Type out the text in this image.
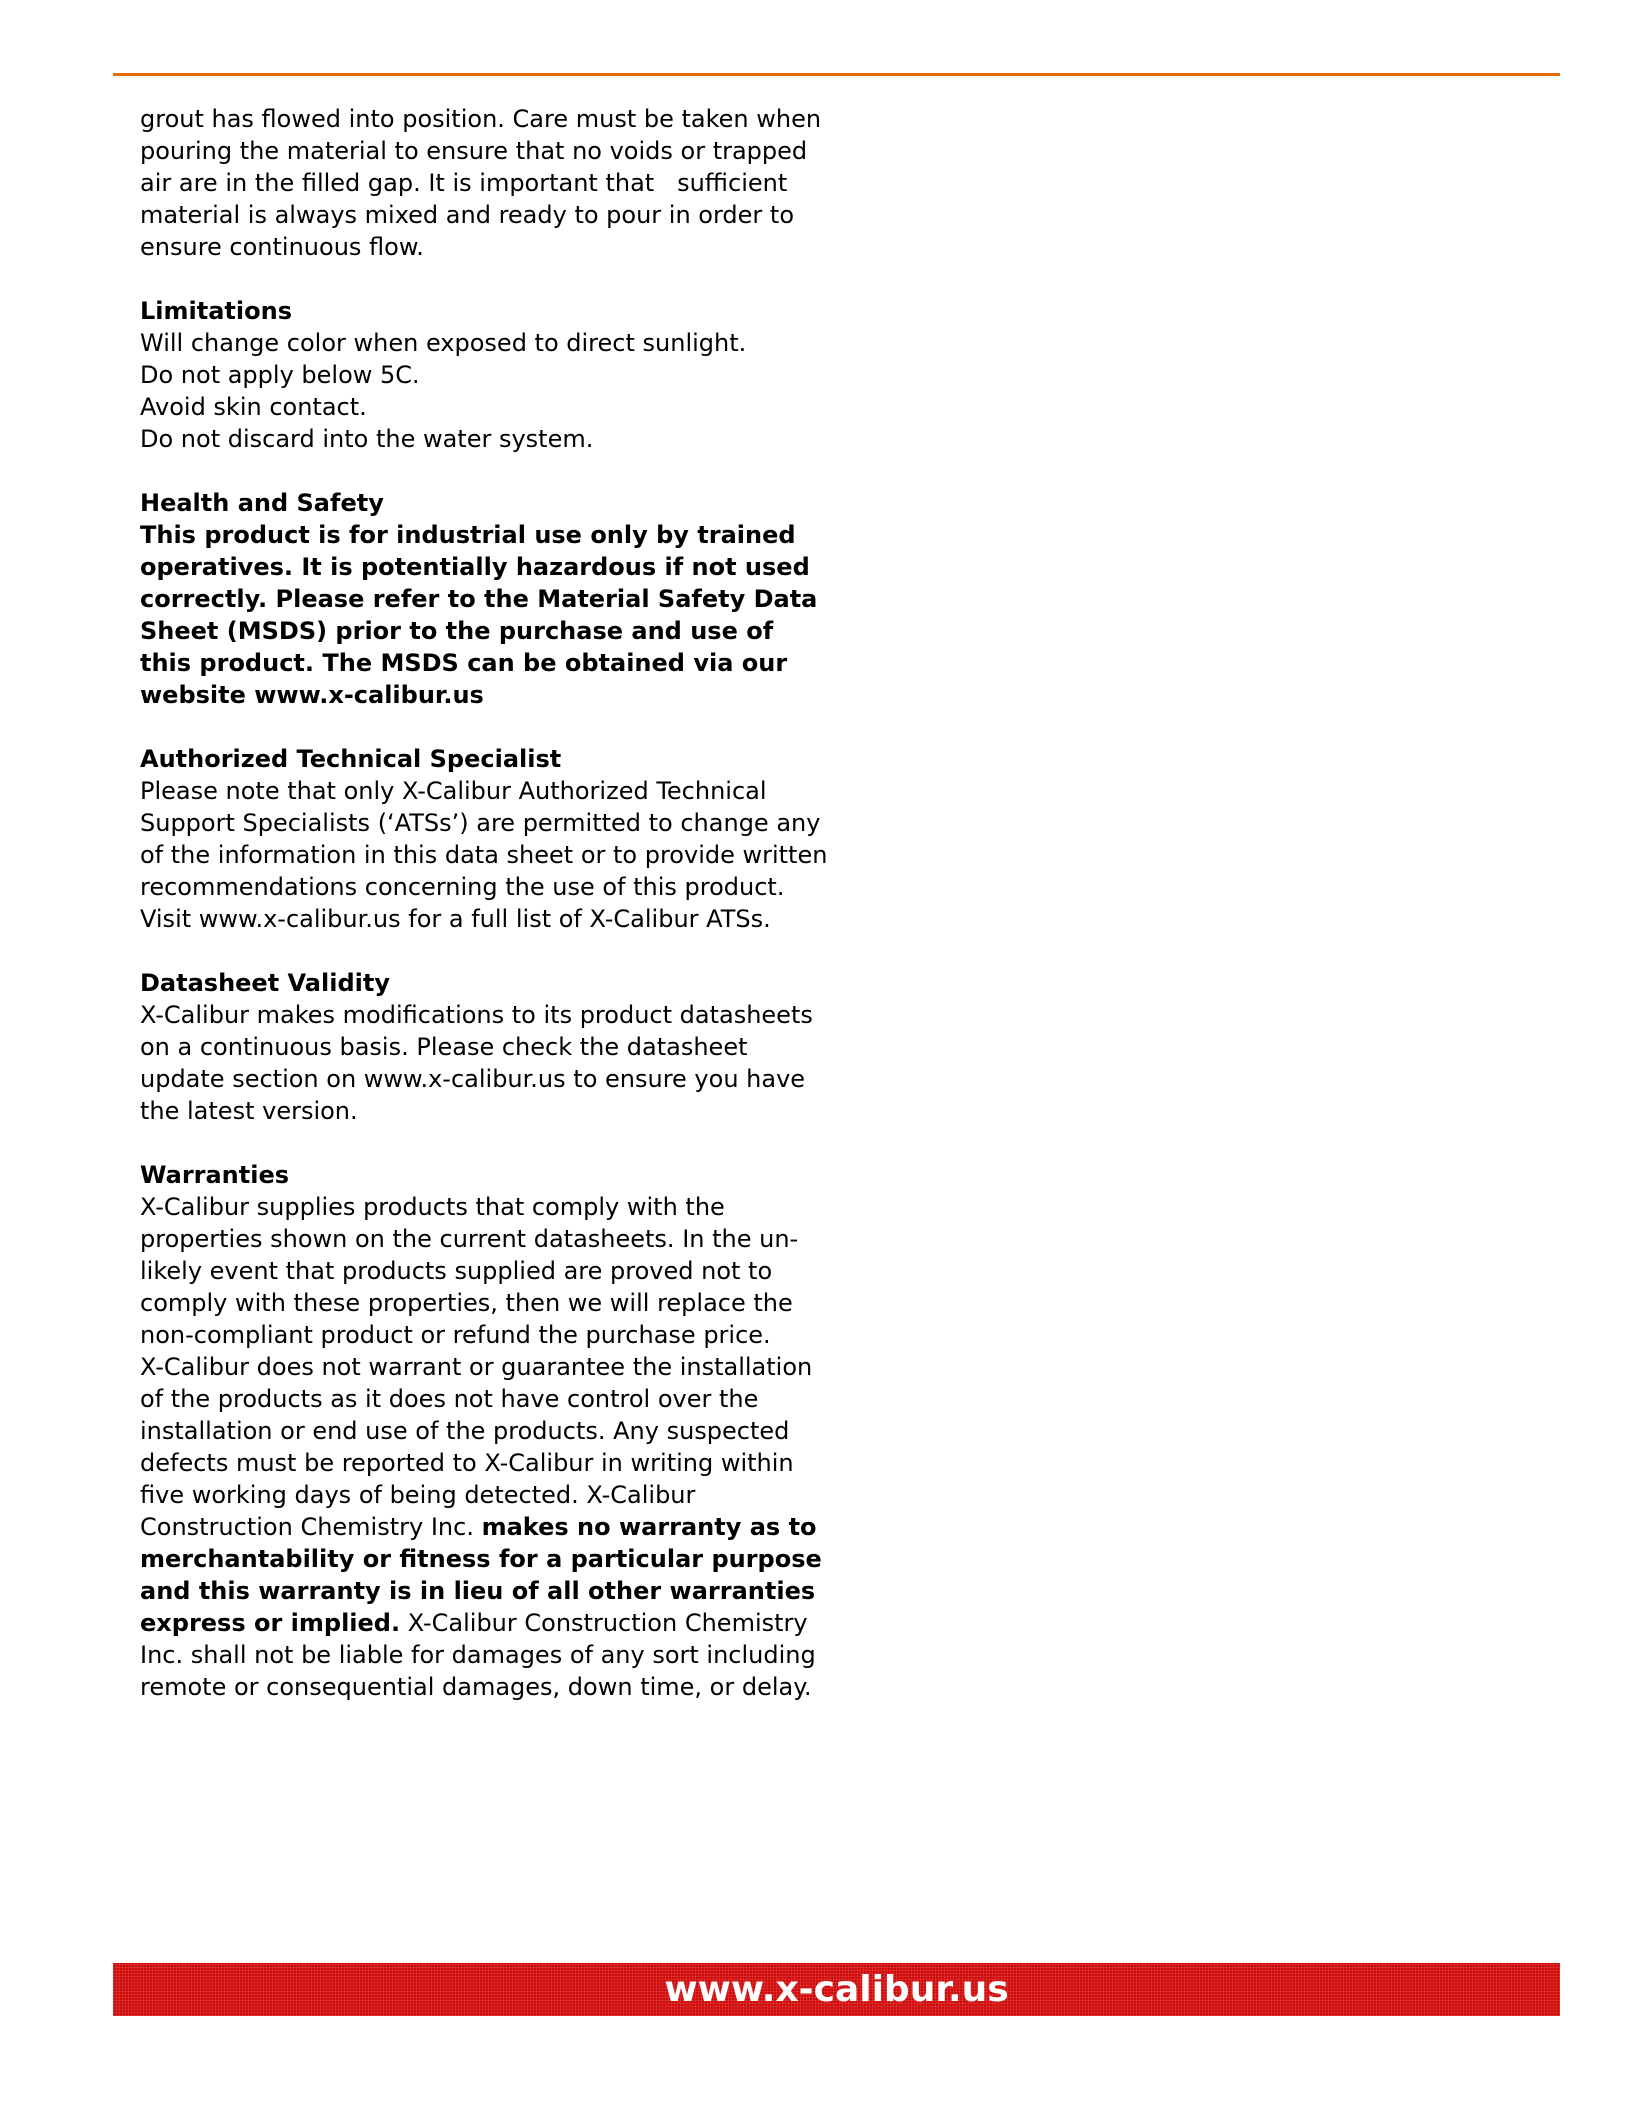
grout has flowed into position. Care must be taken when
pouring the material to ensure that no voids or trapped
air are in the filled gap. It is important that   sufficient
material is always mixed and ready to pour in order to
ensure continuous flow.
Limitations
Will change color when exposed to direct sunlight.
Do not apply below 5C.
Avoid skin contact.
Do not discard into the water system.
Health and Safety
This product is for industrial use only by trained
operatives. It is potentially hazardous if not used
correctly. Please refer to the Material Safety Data
Sheet (MSDS) prior to the purchase and use of
this product. The MSDS can be obtained via our
website www.x-calibur.us
Authorized Technical Specialist
Please note that only X-Calibur Authorized Technical
Support Specialists (‘ATSs’) are permitted to change any
of the information in this data sheet or to provide written
recommendations concerning the use of this product.
Visit www.x-calibur.us for a full list of X-Calibur ATSs.
Datasheet Validity
X-Calibur makes modifications to its product datasheets
on a continuous basis. Please check the datasheet
update section on www.x-calibur.us to ensure you have
the latest version.
Warranties
X-Calibur supplies products that comply with the
properties shown on the current datasheets. In the un-
likely event that products supplied are proved not to
comply with these properties, then we will replace the
non-compliant product or refund the purchase price.
X-Calibur does not warrant or guarantee the installation
of the products as it does not have control over the
installation or end use of the products. Any suspected
defects must be reported to X-Calibur in writing within
five working days of being detected. X-Calibur
Construction Chemistry Inc. makes no warranty as to
merchantability or fitness for a particular purpose
and this warranty is in lieu of all other warranties
express or implied. X-Calibur Construction Chemistry
Inc. shall not be liable for damages of any sort including
remote or consequential damages, down time, or delay.
www.x-calibur.us
